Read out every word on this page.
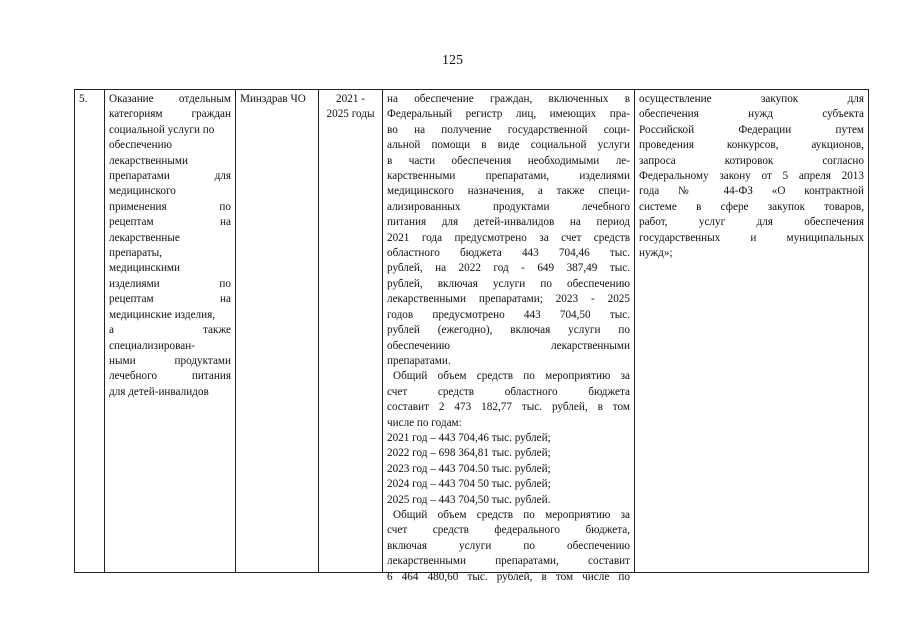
125
5.	Оказание отдельным
категориям граждан
социальной услуги по
обеспечению
лекарственными
препаратами для
медицинского
применения по
рецептам на
лекарственные
препараты,
медицинскими
изделиями по
рецептам на
медицинские изделия,
а также
специализирован-
ными продуктами
лечебного питания
для детей-инвалидов
Минздрав ЧО	2021 -
2025 годы
на обеспечение граждан, включенных в
Федеральный регистр лиц, имеющих пра-
во на получение государственной соци-
альной помощи в виде социальной услуги
в части обеспечения необходимыми ле-
карственными препаратами, изделиями
медицинского назначения, а также специ-
ализированных продуктами лечебного
питания для детей-инвалидов на период
2021 года предусмотрено за счет средств
областного бюджета 443 704,46 тыс.
рублей, на 2022 год - 649 387,49 тыс.
рублей, включая услуги по обеспечению
лекарственными препаратами; 2023 - 2025
годов предусмотрено 443 704,50 тыс.
рублей (ежегодно), включая услуги по
обеспечению лекарственными
препаратами.
Общий объем средств по мероприятию за
счет средств областного бюджета
составит 2 473 182,77 тыс. рублей, в том
числе по годам:
2021 год – 443 704,46 тыс. рублей;
2022 год – 698 364,81 тыс. рублей;
2023 год – 443 704.50 тыс. рублей;
2024 год – 443 704 50 тыс. рублей;
2025 год – 443 704,50 тыс. рублей.
Общий объем средств по мероприятию за
счет средств федерального бюджета,
включая услуги по обеспечению
лекарственными препаратами, составит
6 464 480,60 тыс. рублей, в том числе по
осуществление закупок для
обеспечения нужд субъекта
Российской Федерации путем
проведения конкурсов, аукционов,
запроса котировок согласно
Федеральному закону от 5 апреля 2013
года № 44-ФЗ «О контрактной
системе в сфере закупок товаров,
работ, услуг для обеспечения
государственных и муниципальных
нужд»;
